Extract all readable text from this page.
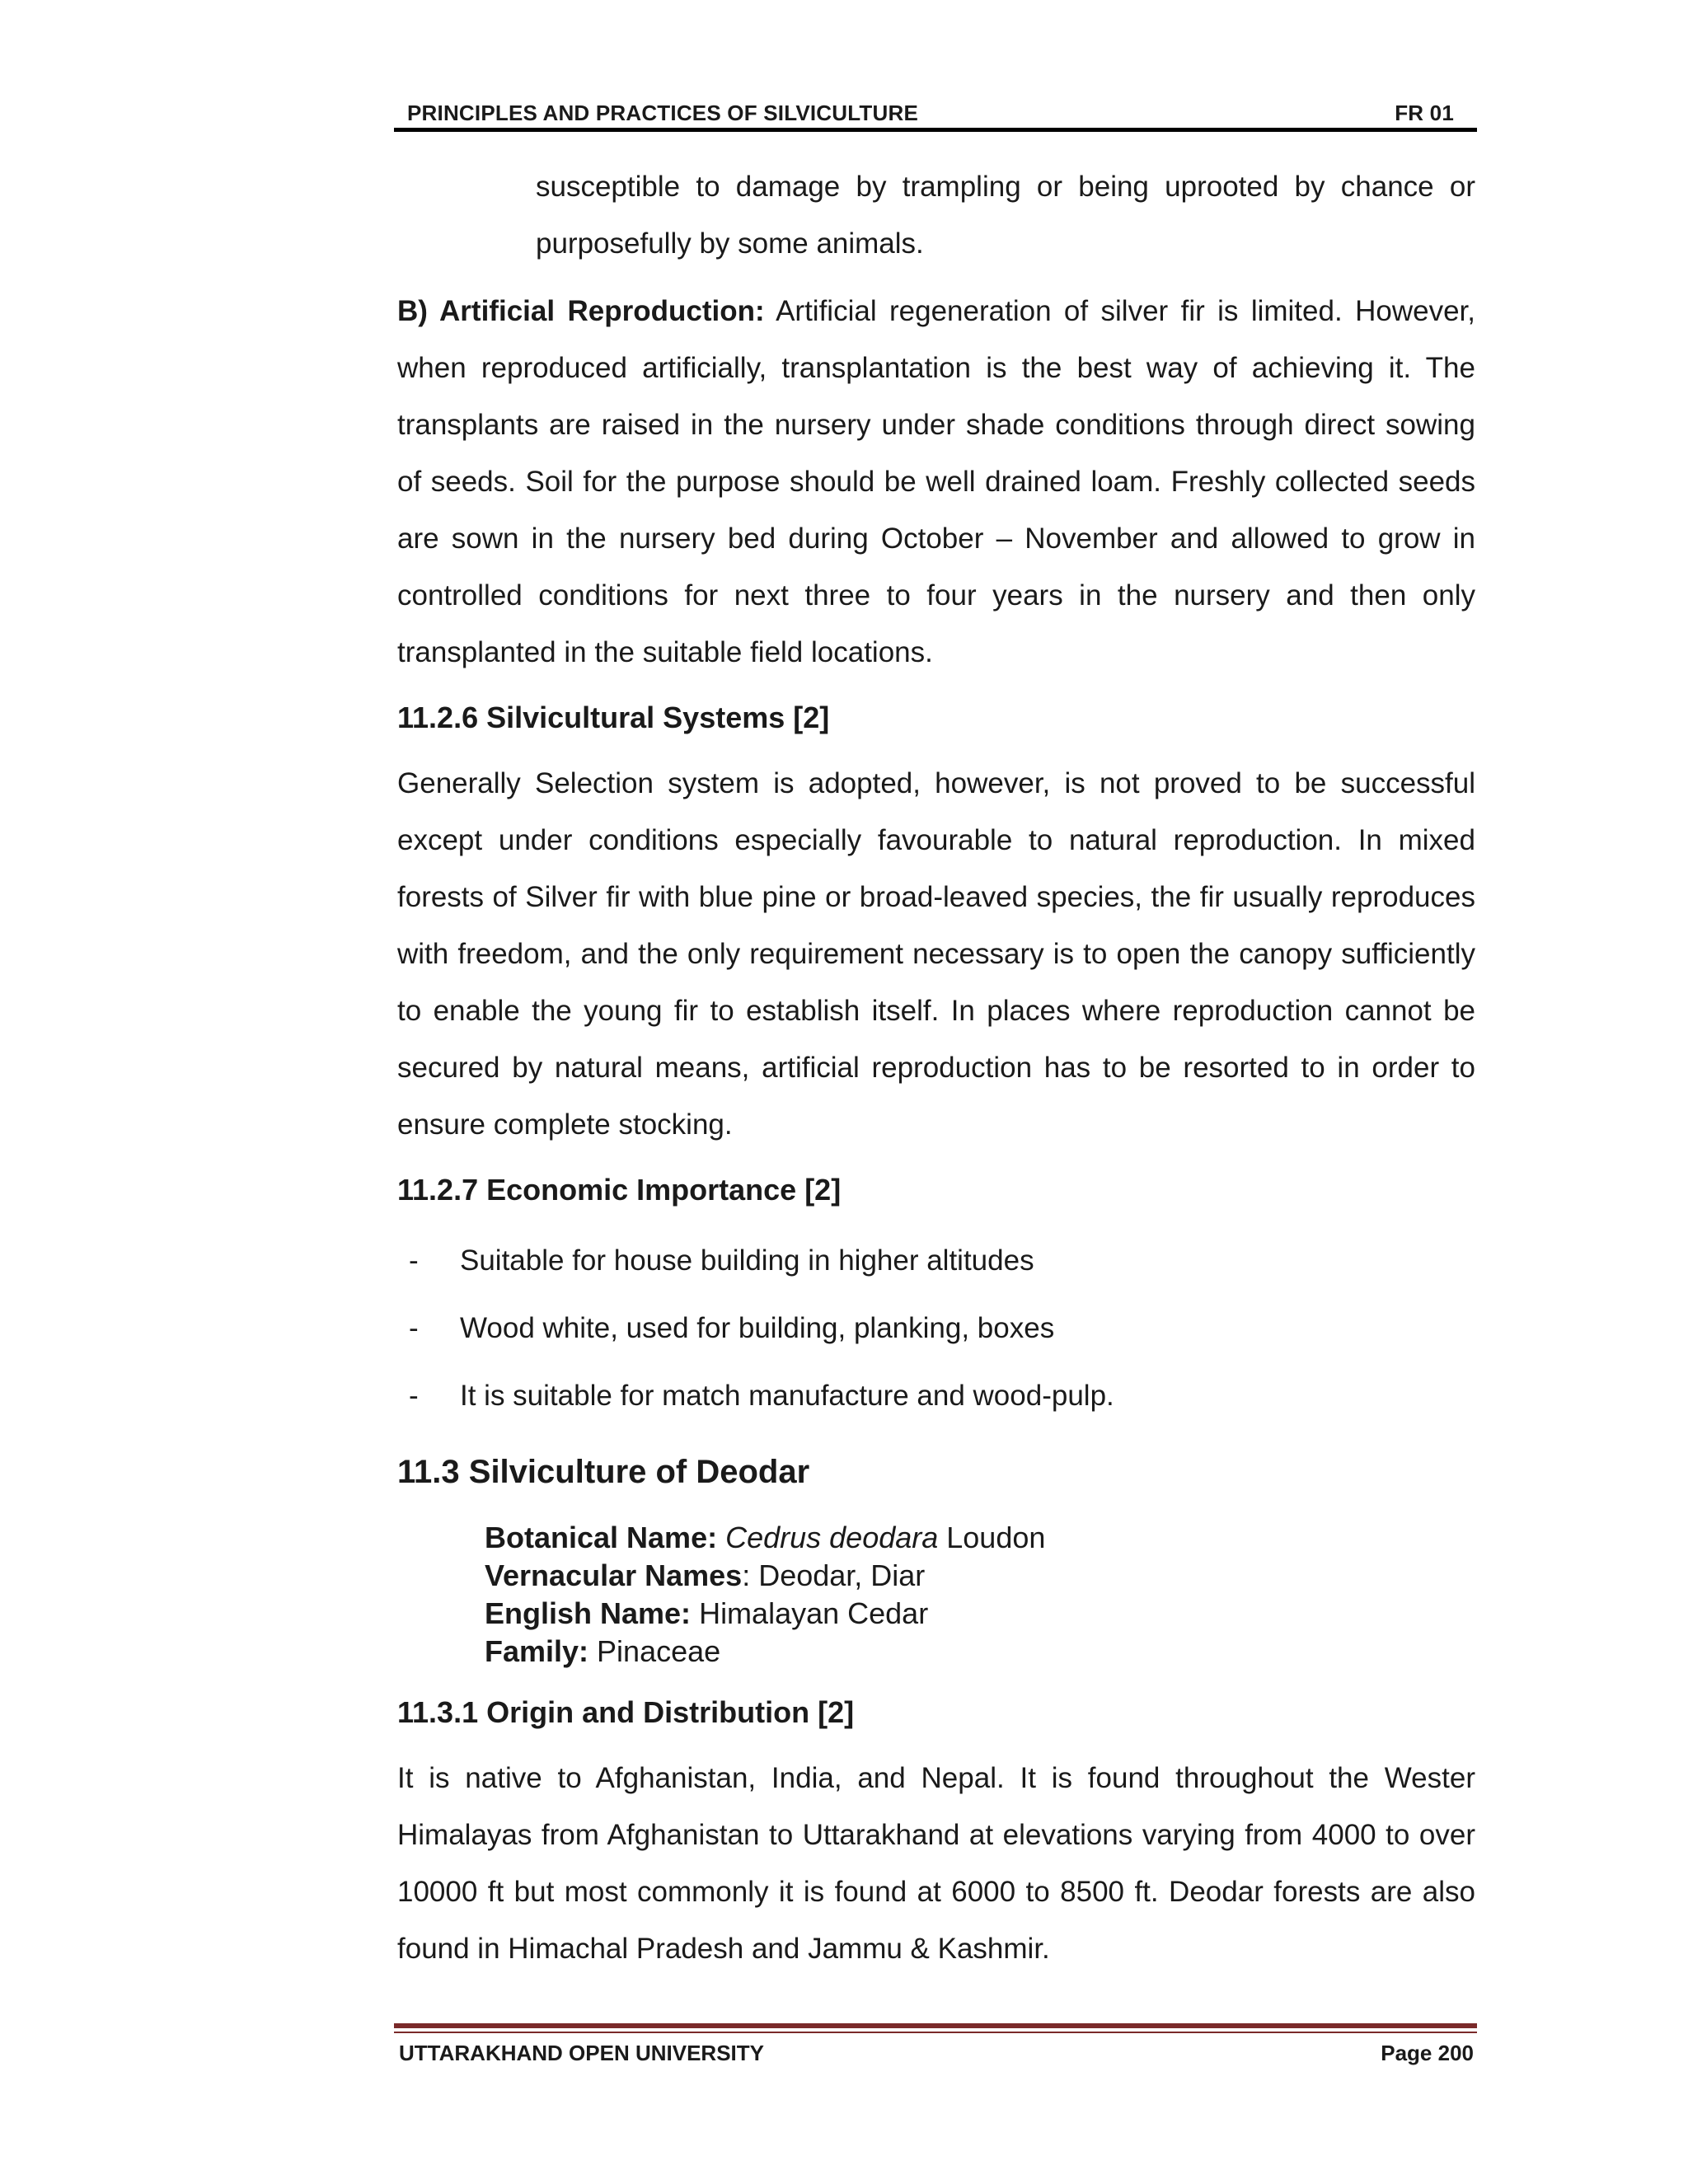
PRINCIPLES AND PRACTICES OF SILVICULTURE	FR 01

susceptible to damage by trampling or being uprooted by chance or purposefully by some animals.

B) Artificial Reproduction: Artificial regeneration of silver fir is limited. However, when reproduced artificially, transplantation is the best way of achieving it. The transplants are raised in the nursery under shade conditions through direct sowing of seeds. Soil for the purpose should be well drained loam. Freshly collected seeds are sown in the nursery bed during October – November and allowed to grow in controlled conditions for next three to four years in the nursery and then only transplanted in the suitable field locations.

11.2.6 Silvicultural Systems [2]

Generally Selection system is adopted, however, is not proved to be successful except under conditions especially favourable to natural reproduction. In mixed forests of Silver fir with blue pine or broad-leaved species, the fir usually reproduces with freedom, and the only requirement necessary is to open the canopy sufficiently to enable the young fir to establish itself. In places where reproduction cannot be secured by natural means, artificial reproduction has to be resorted to in order to ensure complete stocking.

11.2.7 Economic Importance [2]

- Suitable for house building in higher altitudes
- Wood white, used for building, planking, boxes
- It is suitable for match manufacture and wood-pulp.

11.3 Silviculture of Deodar

Botanical Name: Cedrus deodara Loudon
Vernacular Names: Deodar, Diar
English Name: Himalayan Cedar
Family: Pinaceae

11.3.1 Origin and Distribution [2]

It is native to Afghanistan, India, and Nepal. It is found throughout the Wester Himalayas from Afghanistan to Uttarakhand at elevations varying from 4000 to over 10000 ft but most commonly it is found at 6000 to 8500 ft. Deodar forests are also found in Himachal Pradesh and Jammu & Kashmir.

UTTARAKHAND OPEN UNIVERSITY	Page 200
